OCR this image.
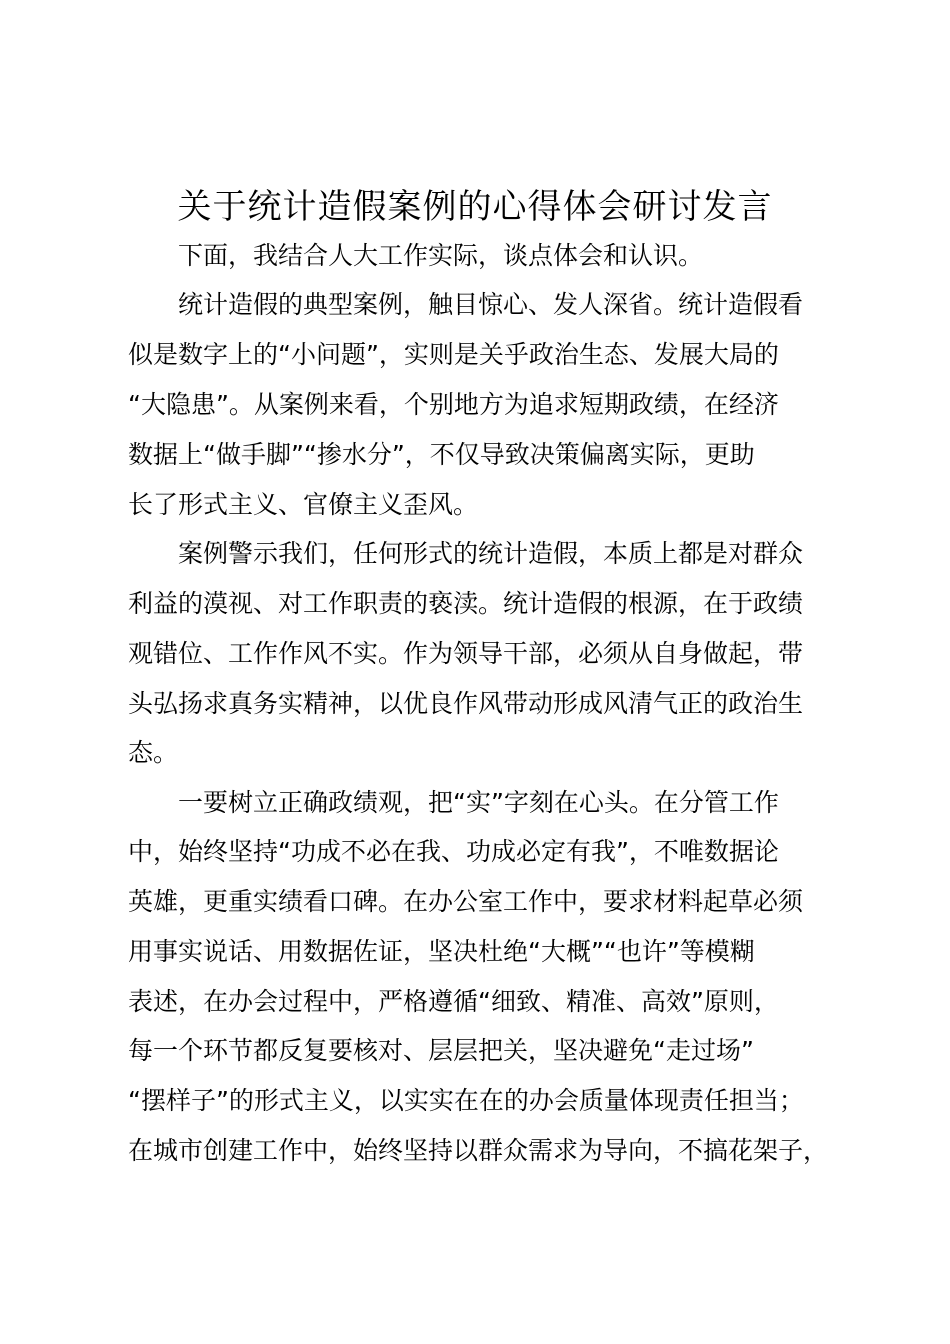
关于统计造假案例的心得体会研讨发言
下面，我结合人大工作实际，谈点体会和认识。
统计造假的典型案例，触目惊心、发人深省。统计造假看
似是数字上的“小问题”，实则是关乎政治生态、发展大局的
“大隐患”。从案例来看，个别地方为追求短期政绩，在经济
数据上“做手脚”“掺水分”，不仅导致决策偏离实际，更助
长了形式主义、官僚主义歪风。
案例警示我们，任何形式的统计造假，本质上都是对群众
利益的漠视、对工作职责的亵渎。统计造假的根源，在于政绩
观错位、工作作风不实。作为领导干部，必须从自身做起，带
头弘扬求真务实精神，以优良作风带动形成风清气正的政治生
态。
一要树立正确政绩观，把“实”字刻在心头。在分管工作
中，始终坚持“功成不必在我、功成必定有我”，不唯数据论
英雄，更重实绩看口碑。在办公室工作中，要求材料起草必须
用事实说话、用数据佐证，坚决杜绝“大概”“也许”等模糊
表述，在办会过程中，严格遵循“细致、精准、高效”原则，
每一个环节都反复要核对、层层把关，坚决避免“走过场”
“摆样子”的形式主义，以实实在在的办会质量体现责任担当；
在城市创建工作中，始终坚持以群众需求为导向，不搞花架子，
